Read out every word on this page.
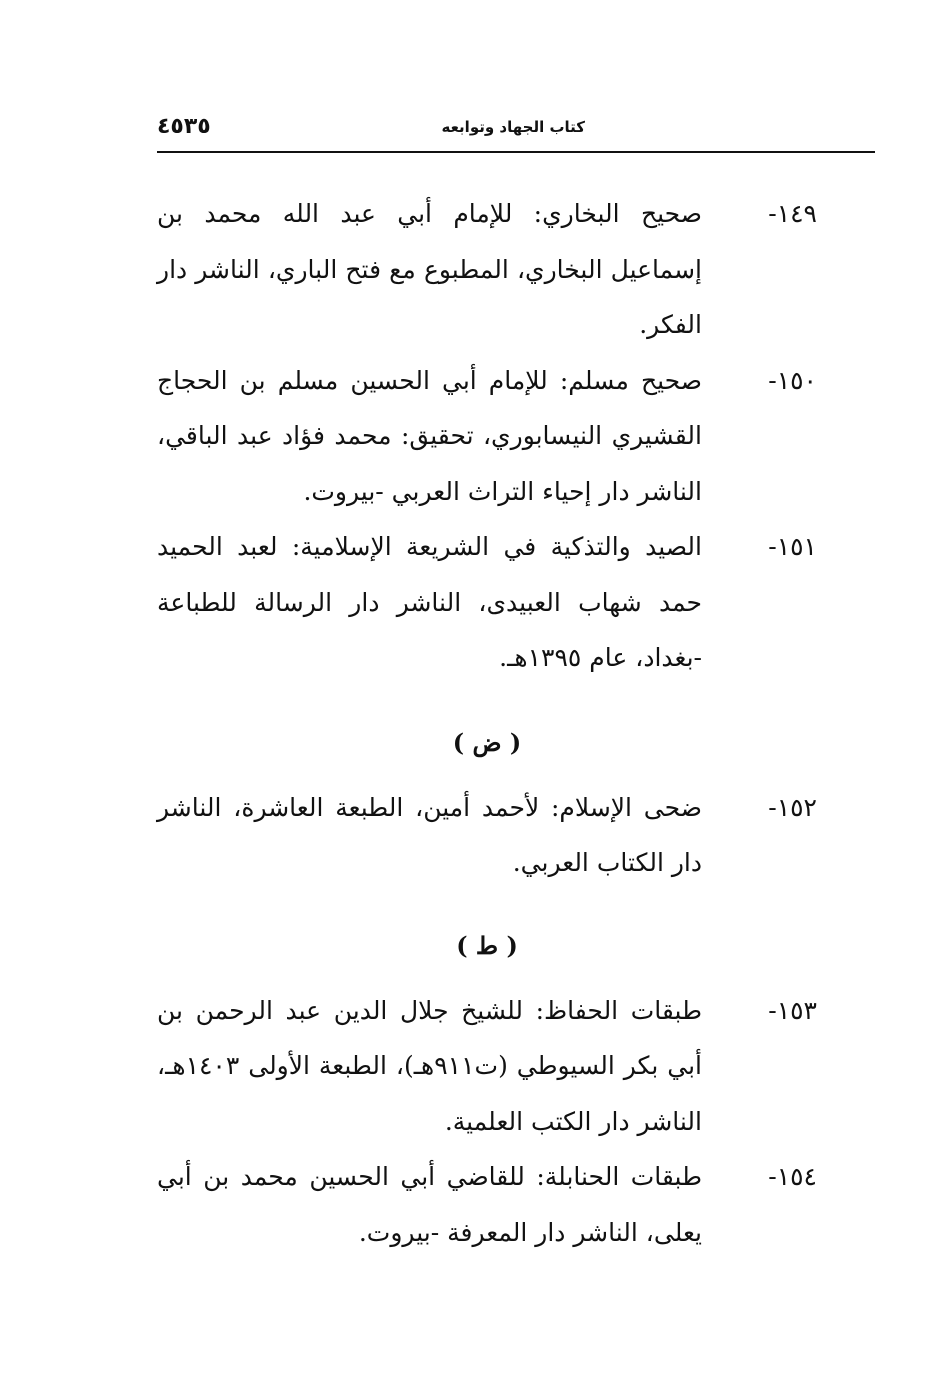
٤٥٣٥	كتاب الجهاد وتوابعه
١٤٩-
صحيح البخاري: للإمام أبي عبد الله محمد بن إسماعيل البخاري، المطبوع مع فتح الباري، الناشر دار الفكر.
١٥٠-
صحيح مسلم: للإمام أبي الحسين مسلم بن الحجاج القشيري النيسابوري، تحقيق: محمد فؤاد عبد الباقي، الناشر دار إحياء التراث العربي -بيروت.
١٥١-
الصيد والتذكية في الشريعة الإسلامية: لعبد الحميد حمد شهاب العبيدى، الناشر دار الرسالة للطباعة -بغداد، عام ١٣٩٥هـ.
( ض )
١٥٢-
ضحى الإسلام: لأحمد أمين، الطبعة العاشرة، الناشر دار الكتاب العربي.
( ط )
١٥٣-
طبقات الحفاظ: للشيخ جلال الدين عبد الرحمن بن أبي بكر السيوطي (ت٩١١هـ)، الطبعة الأولى ١٤٠٣هـ، الناشر دار الكتب العلمية.
١٥٤-
طبقات الحنابلة: للقاضي أبي الحسين محمد بن أبي يعلى، الناشر دار المعرفة -بيروت.
